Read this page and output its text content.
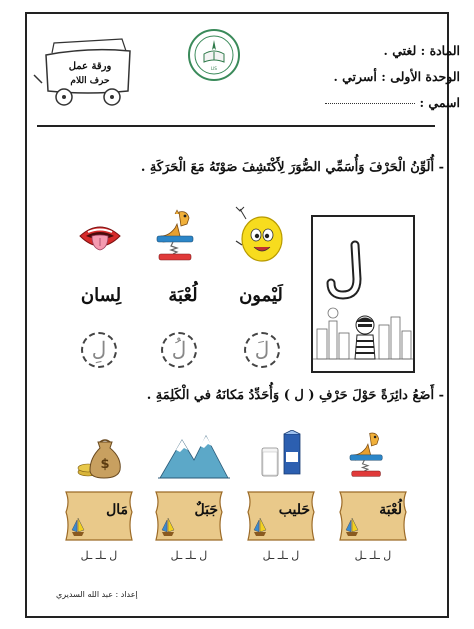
المادة : لغتي .
الوحدة الأولى : أسرتي .
اسمي :
LIS
ورقة عمل
حرف اللام
- أُلَوِّنُ الْحَرْفَ وَأُسَمِّي الصُّوَرَ لِأَكْتَشِفَ صَوْتَهُ مَعَ الْحَرَكَةِ .
لَيْمون
لُعْبَة
لِسان
لَ
لُ
لِ
- أَضَعُ دائِرَةً حَوْلَ حَرْفِ ( ل ) وَأُحَدِّدُ مَكانَهُ في الْكَلِمَةِ .
$
لُعْبَة
حَليب
جَبَلٌ
مَال
ل ـلـ ـل
ل ـلـ ـل
ل ـلـ ـل
ل ـلـ ـل
إعداد : عبد الله السديري
